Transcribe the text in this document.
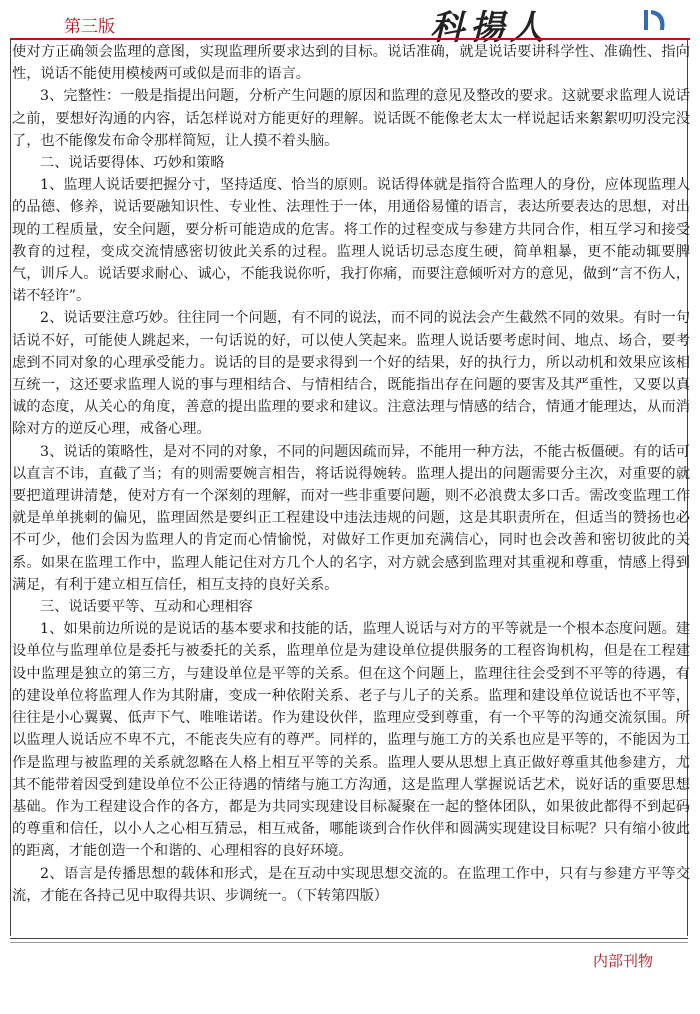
第三版	科揚人

使对方正确领会监理的意图，实现监理所要求达到的目标。说话准确，就是说话要讲科学性、准确性、指向性，说话不能使用模棱两可或似是而非的语言。

3、完整性：一般是指提出问题，分析产生问题的原因和监理的意见及整改的要求。这就要求监理人说话之前，要想好沟通的内容，话怎样说对方能更好的理解。说话既不能像老太太一样说起话来絮絮叨叨没完没了，也不能像发布命令那样简短，让人摸不着头脑。

二、说话要得体、巧妙和策略

1、监理人说话要把握分寸，坚持适度、恰当的原则。说话得体就是指符合监理人的身份，应体现监理人的品德、修养，说话要融知识性、专业性、法理性于一体，用通俗易懂的语言，表达所要表达的思想，对出现的工程质量，安全问题，要分析可能造成的危害。将工作的过程变成与参建方共同合作，相互学习和接受教育的过程，变成交流情感密切彼此关系的过程。监理人说话切忌态度生硬，简单粗暴，更不能动辄要脾气，训斥人。说话要求耐心、诚心，不能我说你听，我打你痛，而要注意倾听对方的意见，做到“言不伤人，诺不轻许”。

2、说话要注意巧妙。往往同一个问题，有不同的说法，而不同的说法会产生截然不同的效果。有时一句话说不好，可能使人跳起来，一句话说的好，可以使人笑起来。监理人说话要考虑时间、地点、场合，要考虑到不同对象的心理承受能力。说话的目的是要求得到一个好的结果，好的执行力，所以动机和效果应该相互统一，这还要求监理人说的事与理相结合、与情相结合，既能指出存在问题的要害及其严重性，又要以真诚的态度，从关心的角度，善意的提出监理的要求和建议。注意法理与情感的结合，情通才能理达，从而消除对方的逆反心理，戒备心理。

3、说话的策略性，是对不同的对象，不同的问题因疏而异，不能用一种方法，不能古板僵硬。有的话可以直言不讳，直截了当；有的则需要婉言相告，将话说得婉转。监理人提出的问题需要分主次，对重要的就要把道理讲清楚，使对方有一个深刻的理解，而对一些非重要问题，则不必浪费太多口舌。需改变监理工作就是单单挑刺的偏见，监理固然是要纠正工程建设中违法违规的问题，这是其职责所在，但适当的赞扬也必不可少，他们会因为监理人的肯定而心情愉悦，对做好工作更加充满信心，同时也会改善和密切彼此的关系。如果在监理工作中，监理人能记住对方几个人的名字，对方就会感到监理对其重视和尊重，情感上得到满足，有利于建立相互信任，相互支持的良好关系。

三、说话要平等、互动和心理相容

1、如果前边所说的是说话的基本要求和技能的话，监理人说话与对方的平等就是一个根本态度问题。建设单位与监理单位是委托与被委托的关系，监理单位是为建设单位提供服务的工程咨询机构，但是在工程建设中监理是独立的第三方，与建设单位是平等的关系。但在这个问题上，监理往往会受到不平等的待遇，有的建设单位将监理人作为其附庸，变成一种依附关系、老子与儿子的关系。监理和建设单位说话也不平等，往往是小心翼翼、低声下气、唯唯诺诺。作为建设伙伴，监理应受到尊重，有一个平等的沟通交流氛围。所以监理人说话应不卑不亢，不能丧失应有的尊严。同样的，监理与施工方的关系也应是平等的，不能因为工作是监理与被监理的关系就忽略在人格上相互平等的关系。监理人要从思想上真正做好尊重其他参建方，尤其不能带着因受到建设单位不公正待遇的情绪与施工方沟通，这是监理人掌握说话艺术，说好话的重要思想基础。作为工程建设合作的各方，都是为共同实现建设目标凝聚在一起的整体团队，如果彼此都得不到起码的尊重和信任，以小人之心相互猜忌，相互戒备，哪能谈到合作伙伴和圆满实现建设目标呢？只有缩小彼此的距离，才能创造一个和谐的、心理相容的良好环境。

2、语言是传播思想的载体和形式，是在互动中实现思想交流的。在监理工作中，只有与参建方平等交流，才能在各持己见中取得共识、步调统一。（下转第四版）

内部刊物
